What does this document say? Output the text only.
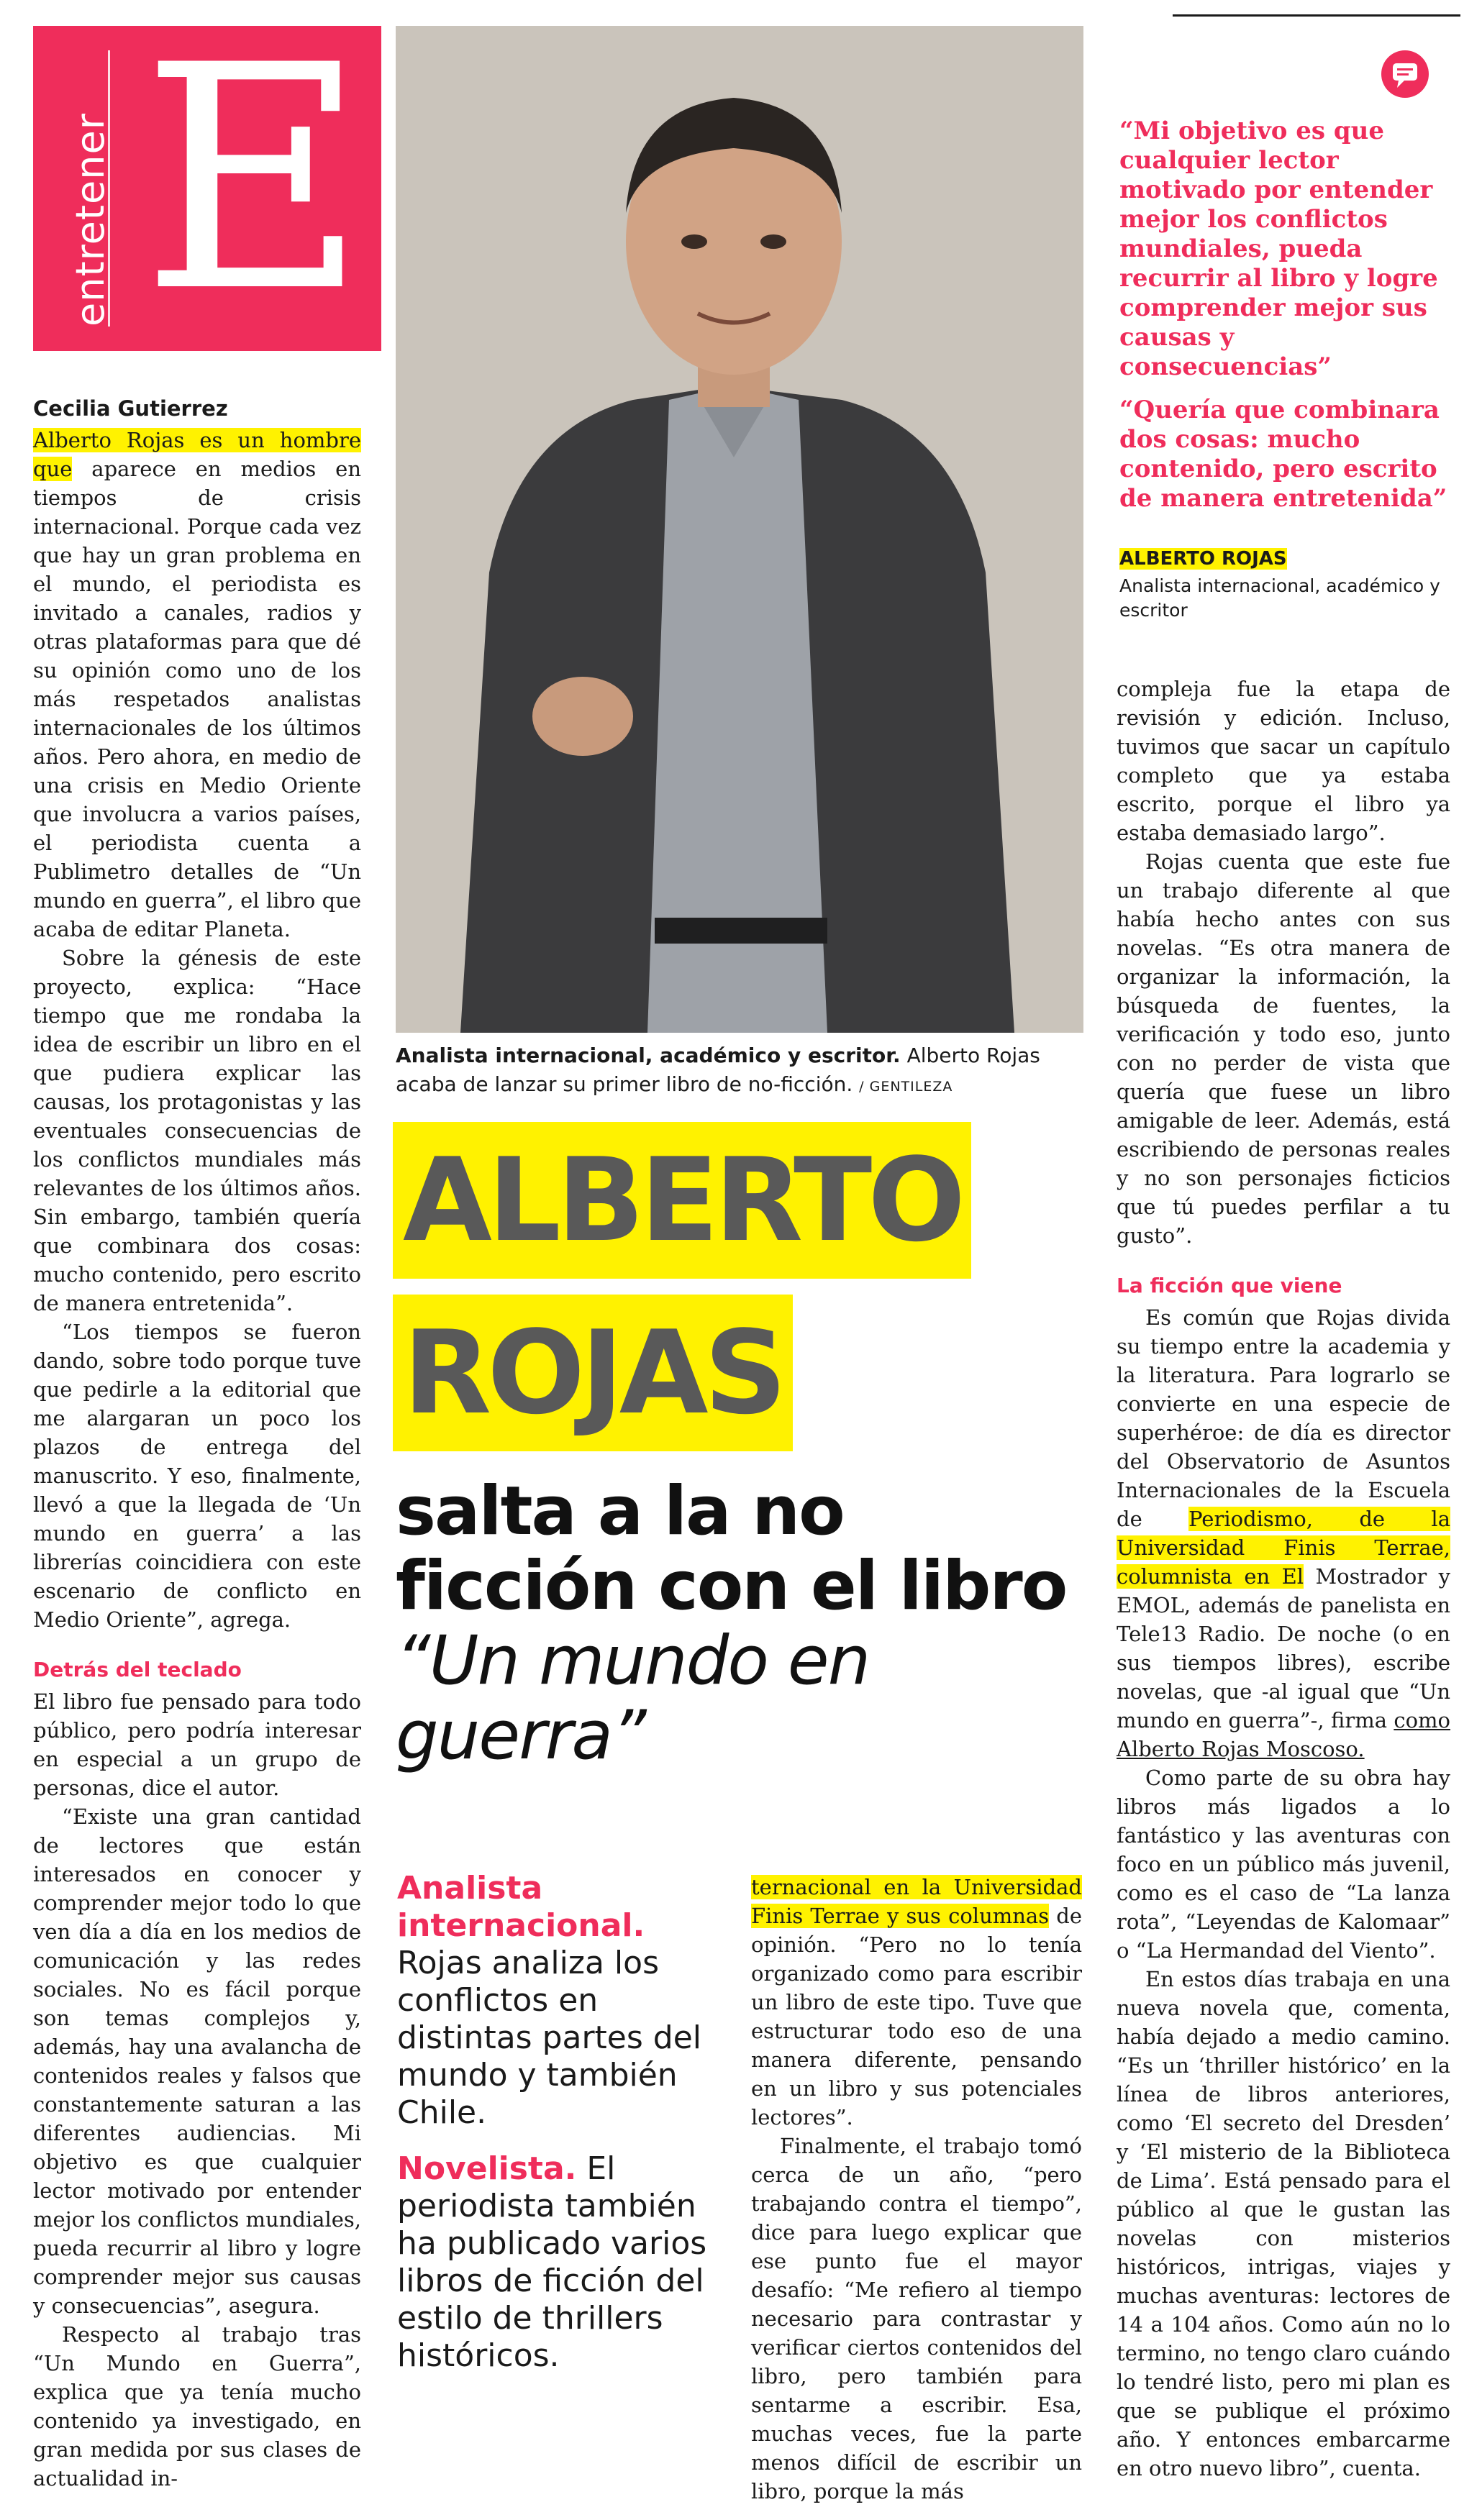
entretener E
Cecilia Gutierrez

Alberto Rojas es un hombre que aparece en medios en tiempos de crisis internacional. Porque cada vez que hay un gran problema en el mundo, el periodista es invitado a canales, radios y otras plataformas para que dé su opinión como uno de los más respetados analistas internacionales de los últimos años. Pero ahora, en medio de una crisis en Medio Oriente que involucra a varios países, el periodista cuenta a Publimetro detalles de “Un mundo en guerra”, el libro que acaba de editar Planeta.

Sobre la génesis de este proyecto, explica: “Hace tiempo que me rondaba la idea de escribir un libro en el que pudiera explicar las causas, los protagonistas y las eventuales consecuencias de los conflictos mundiales más relevantes de los últimos años. Sin embargo, también quería que combinara dos cosas: mucho contenido, pero escrito de manera entretenida”.

“Los tiempos se fueron dando, sobre todo porque tuve que pedirle a la editorial que me alargaran un poco los plazos de entrega del manuscrito. Y eso, finalmente, llevó a que la llegada de ‘Un mundo en guerra’ a las librerías coincidiera con este escenario de conflicto en Medio Oriente”, agrega.

Detrás del teclado

El libro fue pensado para todo público, pero podría interesar en especial a un grupo de personas, dice el autor.

“Existe una gran cantidad de lectores que están interesados en conocer y comprender mejor todo lo que ven día a día en los medios de comunicación y las redes sociales. No es fácil porque son temas complejos y, además, hay una avalancha de contenidos reales y falsos que constantemente saturan a las diferentes audiencias. Mi objetivo es que cualquier lector motivado por entender mejor los conflictos mundiales, pueda recurrir al libro y logre comprender mejor sus causas y consecuencias”, asegura.

Respecto al trabajo tras “Un Mundo en Guerra”, explica que ya tenía mucho contenido ya investigado, en gran medida por sus clases de actualidad in-

Analista internacional, académico y escritor. Alberto Rojas acaba de lanzar su primer libro de no-ficción. / GENTILEZA
ALBERTO
ROJAS
salta a la no ficción con el libro “Un mundo en guerra”
Analista internacional. Rojas analiza los conflictos en distintas partes del mundo y también Chile.
Novelista. El periodista también ha publicado varios libros de ficción del estilo de thrillers históricos.

ternacional en la Universidad Finis Terrae y sus columnas de opinión. “Pero no lo tenía organizado como para escribir un libro de este tipo. Tuve que estructurar todo eso de una manera diferente, pensando en un libro y sus potenciales lectores”.

Finalmente, el trabajo tomó cerca de un año, “pero trabajando contra el tiempo”, dice para luego explicar que ese punto fue el mayor desafío: “Me refiero al tiempo necesario para contrastar y verificar ciertos contenidos del libro, pero también para sentarme a escribir. Esa, muchas veces, fue la parte menos difícil de escribir un libro, porque la más

“Mi objetivo es que cualquier lector motivado por entender mejor los conflictos mundiales, pueda recurrir al libro y logre comprender mejor sus causas y consecuencias”
“Quería que combinara dos cosas: mucho contenido, pero escrito de manera entretenida”
ALBERTO ROJAS
Analista internacional, académico y escritor

compleja fue la etapa de revisión y edición. Incluso, tuvimos que sacar un capítulo completo que ya estaba escrito, porque el libro ya estaba demasiado largo”.

Rojas cuenta que este fue un trabajo diferente al que había hecho antes con sus novelas. “Es otra manera de organizar la información, la búsqueda de fuentes, la verificación y todo eso, junto con no perder de vista que quería que fuese un libro amigable de leer. Además, está escribiendo de personas reales y no son personajes ficticios que tú puedes perfilar a tu gusto”.

La ficción que viene

Es común que Rojas divida su tiempo entre la academia y la literatura. Para lograrlo se convierte en una especie de superhéroe: de día es director del Observatorio de Asuntos Internacionales de la Escuela de Periodismo, de la Universidad Finis Terrae, columnista en El Mostrador y EMOL, además de panelista en Tele13 Radio. De noche (o en sus tiempos libres), escribe novelas, que -al igual que “Un mundo en guerra”-, firma como Alberto Rojas Moscoso.

Como parte de su obra hay libros más ligados a lo fantástico y las aventuras con foco en un público más juvenil, como es el caso de “La lanza rota”, “Leyendas de Kalomaar” o “La Hermandad del Viento”.

En estos días trabaja en una nueva novela que, comenta, había dejado a medio camino. “Es un ‘thriller histórico’ en la línea de libros anteriores, como ‘El secreto del Dresden’ y ‘El misterio de la Biblioteca de Lima’. Está pensado para el público al que le gustan las novelas con misterios históricos, intrigas, viajes y muchas aventuras: lectores de 14 a 104 años. Como aún no lo termino, no tengo claro cuándo lo tendré listo, pero mi plan es que se publique el próximo año. Y entonces embarcarme en otro nuevo libro”, cuenta.
